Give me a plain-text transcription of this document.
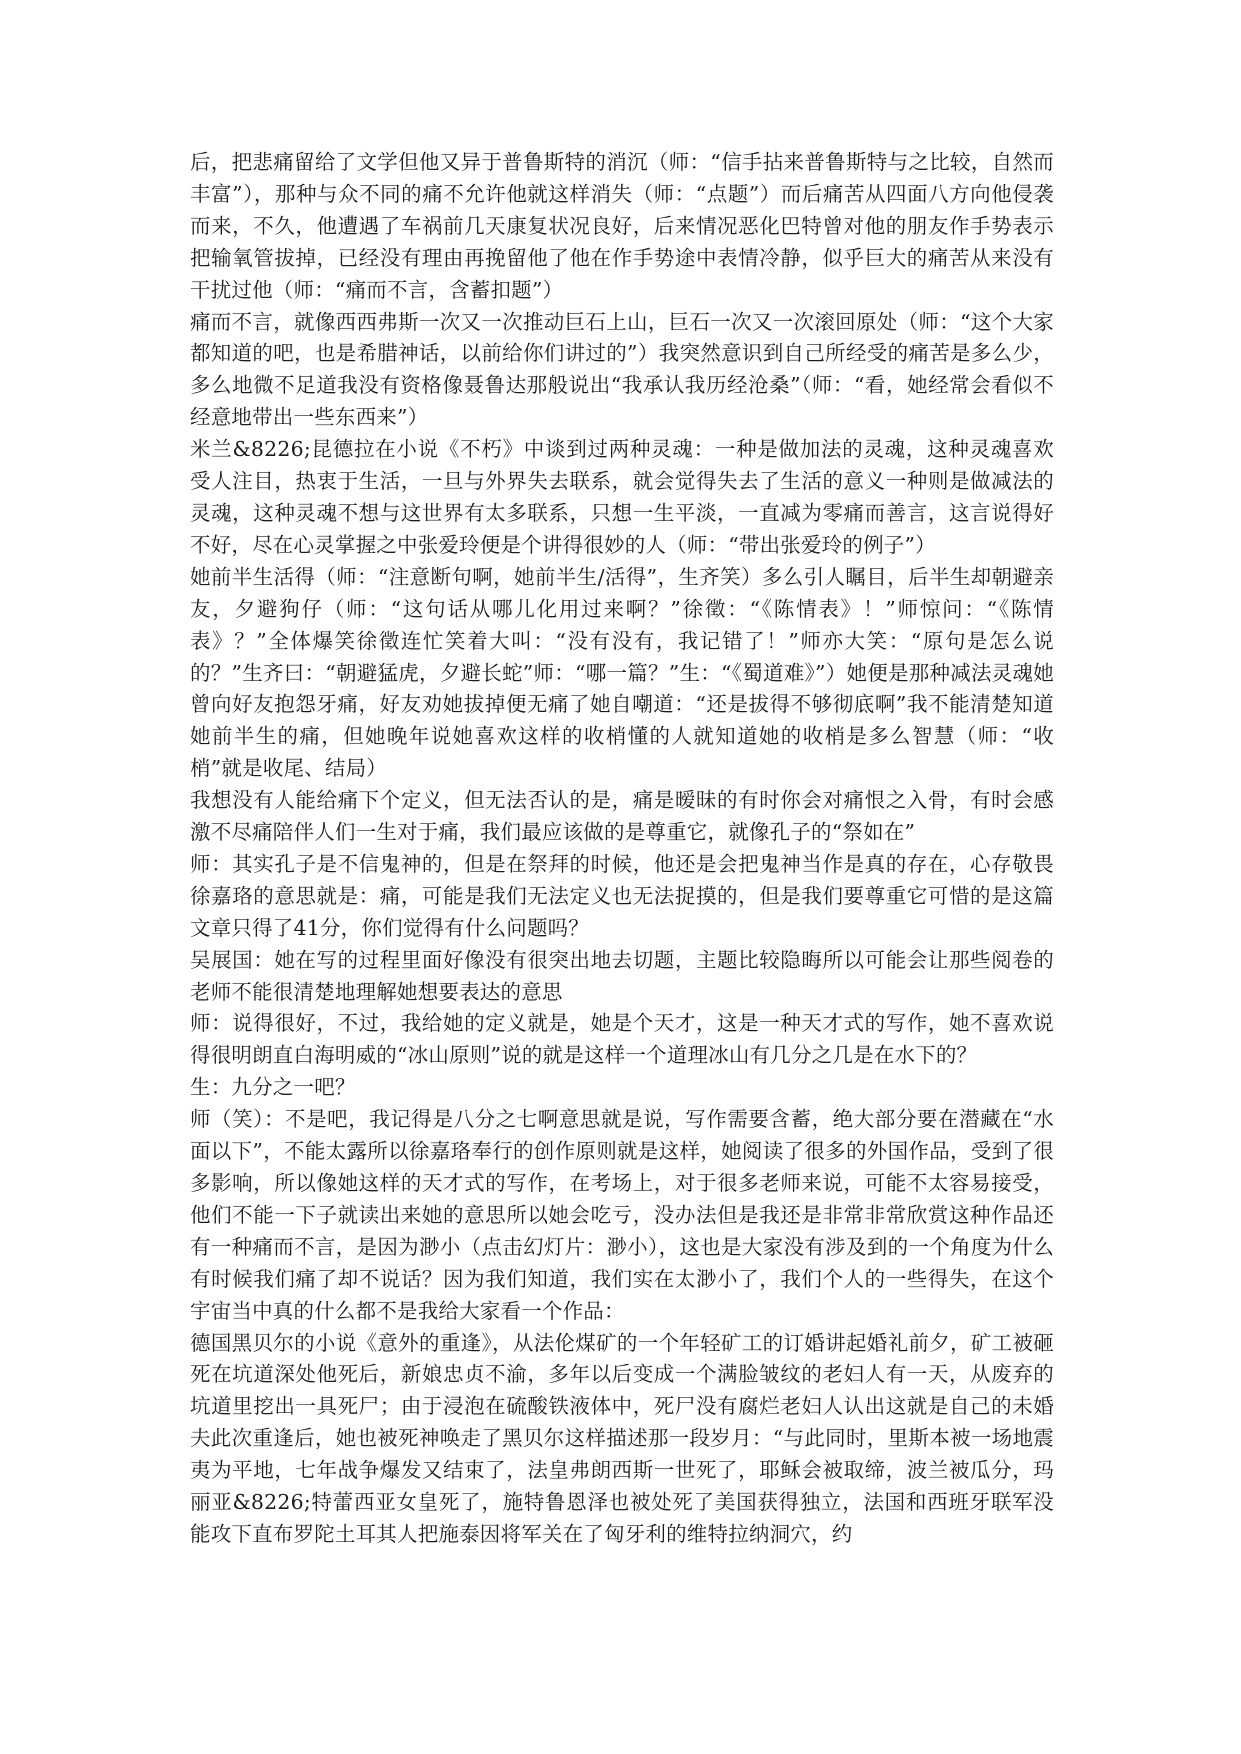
后，把悲痛留给了文学但他又异于普鲁斯特的消沉（师：“信手拈来普鲁斯特与之比较，自然而丰富”），那种与众不同的痛不允许他就这样消失（师：“点题”）而后痛苦从四面八方向他侵袭而来，不久，他遭遇了车祸前几天康复状况良好，后来情况恶化巴特曾对他的朋友作手势表示把输氧管拔掉，已经没有理由再挽留他了他在作手势途中表情冷静，似乎巨大的痛苦从来没有干扰过他（师：“痛而不言，含蓄扣题”）

痛而不言，就像西西弗斯一次又一次推动巨石上山，巨石一次又一次滚回原处（师：“这个大家都知道的吧，也是希腊神话，以前给你们讲过的”）我突然意识到自己所经受的痛苦是多么少，多么地微不足道我没有资格像聂鲁达那般说出“我承认我历经沧桑”（师：“看，她经常会看似不经意地带出一些东西来”）

米兰&8226;昆德拉在小说《不朽》中谈到过两种灵魂：一种是做加法的灵魂，这种灵魂喜欢受人注目，热衷于生活，一旦与外界失去联系，就会觉得失去了生活的意义一种则是做减法的灵魂，这种灵魂不想与这世界有太多联系，只想一生平淡，一直减为零痛而善言，这言说得好不好，尽在心灵掌握之中张爱玲便是个讲得很妙的人（师：“带出张爱玲的例子”）

她前半生活得（师：“注意断句啊，她前半生/活得”，生齐笑）多么引人瞩目，后半生却朝避亲友，夕避狗仔（师：“这句话从哪儿化用过来啊？”徐徵：“《陈情表》！”师惊问：“《陈情表》？”全体爆笑徐徵连忙笑着大叫：“没有没有，我记错了！”师亦大笑：“原句是怎么说的？”生齐曰：“朝避猛虎，夕避长蛇”师：“哪一篇？”生：“《蜀道难》”）她便是那种减法灵魂她曾向好友抱怨牙痛，好友劝她拔掉便无痛了她自嘲道：“还是拔得不够彻底啊”我不能清楚知道她前半生的痛，但她晚年说她喜欢这样的收梢懂的人就知道她的收梢是多么智慧（师：“收梢”就是收尾、结局）

我想没有人能给痛下个定义，但无法否认的是，痛是暧昧的有时你会对痛恨之入骨，有时会感激不尽痛陪伴人们一生对于痛，我们最应该做的是尊重它，就像孔子的“祭如在”

师：其实孔子是不信鬼神的，但是在祭拜的时候，他还是会把鬼神当作是真的存在，心存敬畏徐嘉珞的意思就是：痛，可能是我们无法定义也无法捉摸的，但是我们要尊重它可惜的是这篇文章只得了41分，你们觉得有什么问题吗？

吴展国：她在写的过程里面好像没有很突出地去切题，主题比较隐晦所以可能会让那些阅卷的老师不能很清楚地理解她想要表达的意思

师：说得很好，不过，我给她的定义就是，她是个天才，这是一种天才式的写作，她不喜欢说得很明朗直白海明威的“冰山原则”说的就是这样一个道理冰山有几分之几是在水下的？

生：九分之一吧？

师（笑）：不是吧，我记得是八分之七啊意思就是说，写作需要含蓄，绝大部分要在潜藏在“水面以下”，不能太露所以徐嘉珞奉行的创作原则就是这样，她阅读了很多的外国作品，受到了很多影响，所以像她这样的天才式的写作，在考场上，对于很多老师来说，可能不太容易接受，他们不能一下子就读出来她的意思所以她会吃亏，没办法但是我还是非常非常欣赏这种作品还有一种痛而不言，是因为渺小（点击幻灯片：渺小），这也是大家没有涉及到的一个角度为什么有时候我们痛了却不说话？因为我们知道，我们实在太渺小了，我们个人的一些得失，在这个宇宙当中真的什么都不是我给大家看一个作品：

德国黑贝尔的小说《意外的重逢》，从法伦煤矿的一个年轻矿工的订婚讲起婚礼前夕，矿工被砸死在坑道深处他死后，新娘忠贞不渝，多年以后变成一个满脸皱纹的老妇人有一天，从废弃的坑道里挖出一具死尸；由于浸泡在硫酸铁液体中，死尸没有腐烂老妇人认出这就是自己的未婚夫此次重逢后，她也被死神唤走了黑贝尔这样描述那一段岁月：“与此同时，里斯本被一场地震夷为平地，七年战争爆发又结束了，法皇弗朗西斯一世死了，耶稣会被取缔，波兰被瓜分，玛丽亚&8226;特蕾西亚女皇死了，施特鲁恩泽也被处死了美国获得独立，法国和西班牙联军没能攻下直布罗陀土耳其人把施泰因将军关在了匈牙利的维特拉纳洞穴，约
